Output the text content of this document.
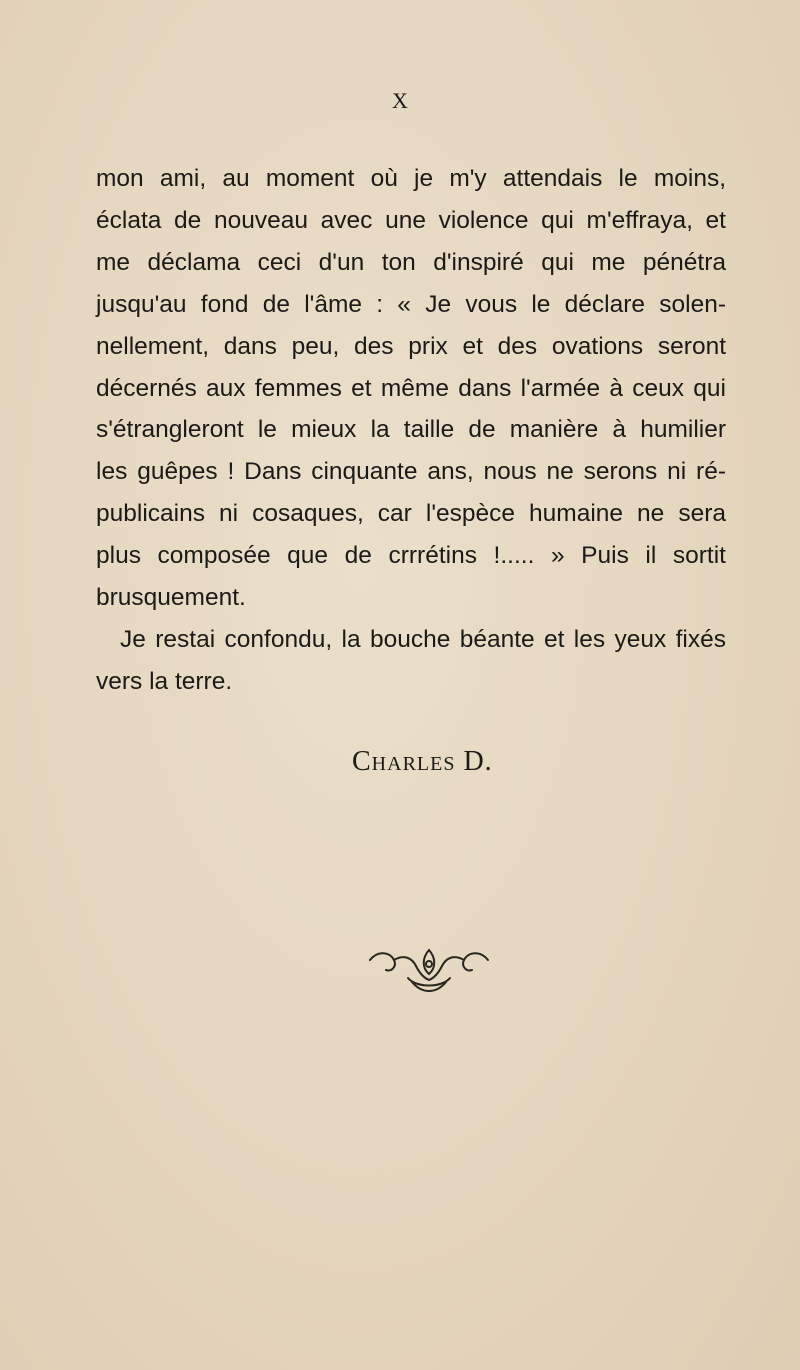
X
mon ami, au moment où je m'y attendais le moins,
éclata de nouveau avec une violence qui m'effraya, et
me déclama ceci d'un ton d'inspiré qui me pénétra
jusqu'au fond de l'âme : « Je vous le déclare solen-
nellement, dans peu, des prix et des ovations seront
décernés aux femmes et même dans l'armée à ceux qui
s'étrangleront le mieux la taille de manière à humilier
les guêpes ! Dans cinquante ans, nous ne serons ni ré-
publicains ni cosaques, car l'espèce humaine ne sera
plus composée que de crrrétins !..... » Puis il sortit
brusquement.
Je restai confondu, la bouche béante et les yeux fixés
vers la terre.
Charles D.
